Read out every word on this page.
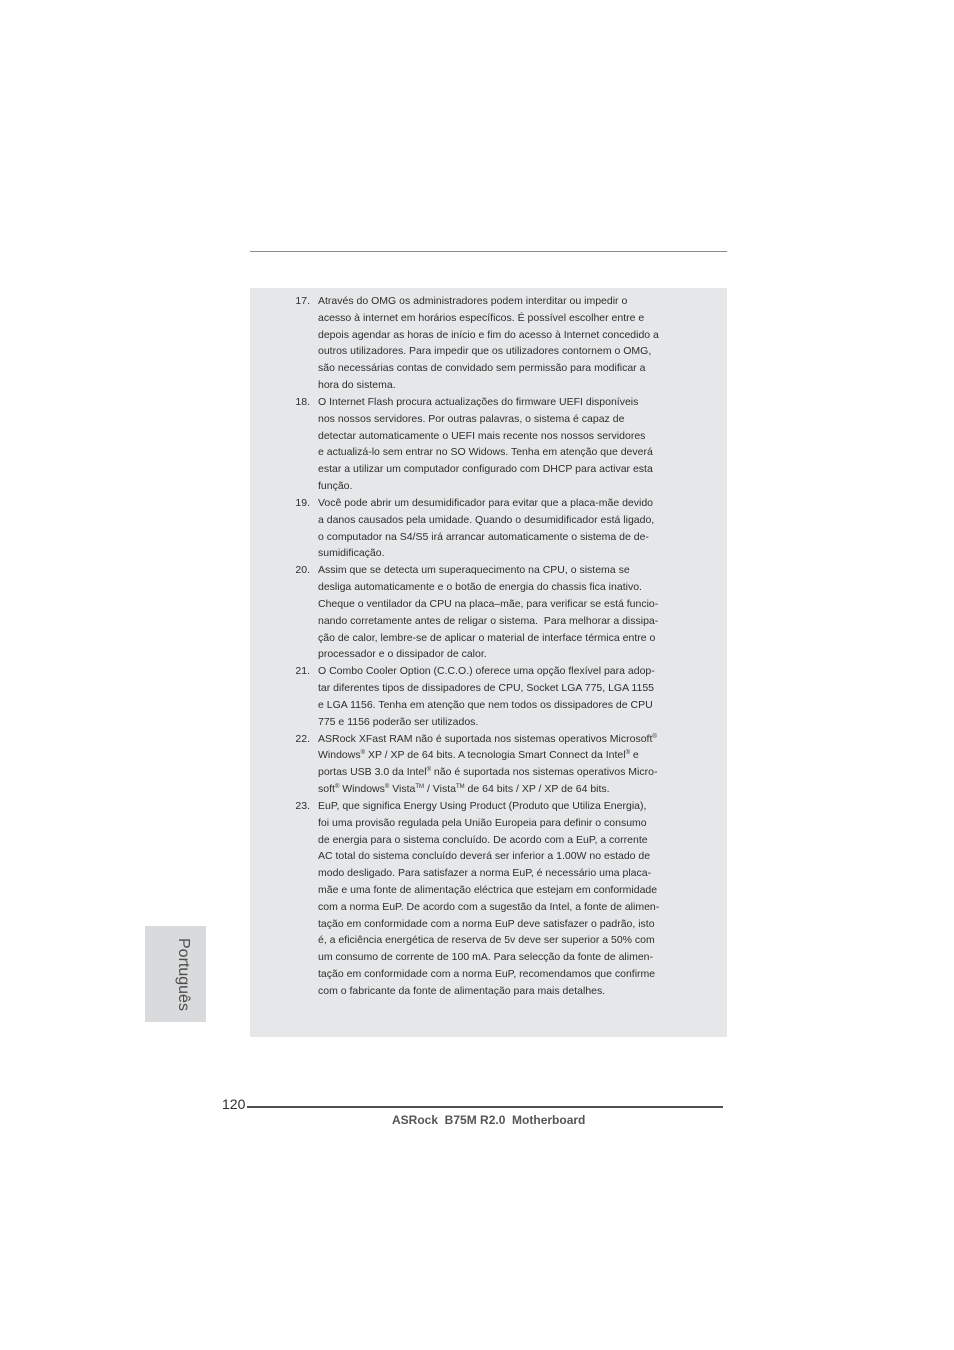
17. Através do OMG os administradores podem interditar ou impedir o
acesso à internet em horários específicos. É possível escolher entre e
depois agendar as horas de início e fim do acesso à Internet concedido a
outros utilizadores. Para impedir que os utilizadores contornem o OMG,
são necessárias contas de convidado sem permissão para modificar a
hora do sistema.
18. O Internet Flash procura actualizações do firmware UEFI disponíveis
nos nossos servidores. Por outras palavras, o sistema é capaz de
detectar automaticamente o UEFI mais recente nos nossos servidores
e actualizá-lo sem entrar no SO Widows. Tenha em atenção que deverá
estar a utilizar um computador configurado com DHCP para activar esta
função.
19. Você pode abrir um desumidificador para evitar que a placa-mãe devido
a danos causados pela umidade. Quando o desumidificador está ligado,
o computador na S4/S5 irá arrancar automaticamente o sistema de de-
sumidificação.
20. Assim que se detecta um superaquecimento na CPU, o sistema se
desliga automaticamente e o botão de energia do chassis fica inativo.
Cheque o ventilador da CPU na placa–mãe, para verificar se está funcio-
nando corretamente antes de religar o sistema.  Para melhorar a dissipa-
ção de calor, lembre-se de aplicar o material de interface térmica entre o
processador e o dissipador de calor.
21. O Combo Cooler Option (C.C.O.) oferece uma opção flexível para adop-
tar diferentes tipos de dissipadores de CPU, Socket LGA 775, LGA 1155
e LGA 1156. Tenha em atenção que nem todos os dissipadores de CPU
775 e 1156 poderão ser utilizados.
22. ASRock XFast RAM não é suportada nos sistemas operativos Microsoft®
Windows® XP / XP de 64 bits. A tecnologia Smart Connect da Intel® e
portas USB 3.0 da Intel® não é suportada nos sistemas operativos Micro-
soft® Windows® Vista™ / Vista™ de 64 bits / XP / XP de 64 bits.
23. EuP, que significa Energy Using Product (Produto que Utiliza Energia),
foi uma provisão regulada pela União Europeia para definir o consumo
de energia para o sistema concluído. De acordo com a EuP, a corrente
AC total do sistema concluído deverá ser inferior a 1.00W no estado de
modo desligado. Para satisfazer a norma EuP, é necessário uma placa-
mãe e uma fonte de alimentação eléctrica que estejam em conformidade
com a norma EuP. De acordo com a sugestão da Intel, a fonte de alimen-
tação em conformidade com a norma EuP deve satisfazer o padrão, isto
é, a eficiência energética de reserva de 5v deve ser superior a 50% com
um consumo de corrente de 100 mA. Para selecção da fonte de alimen-
tação em conformidade com a norma EuP, recomendamos que confirme
com o fabricante da fonte de alimentação para mais detalhes.
Português
120
ASRock  B75M R2.0  Motherboard
